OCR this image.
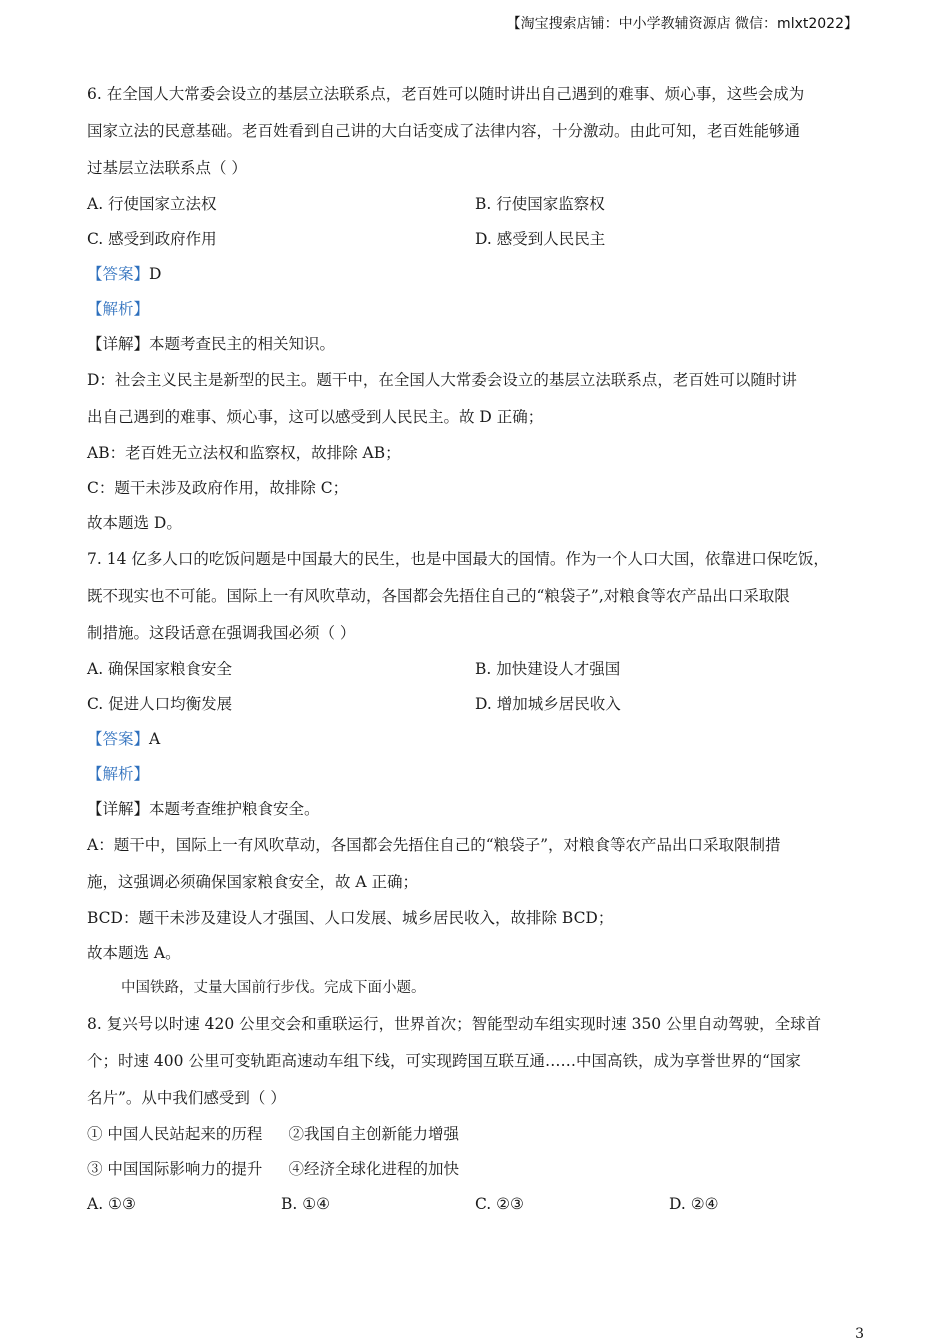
【淘宝搜索店铺：中小学教辅资源店 微信：mlxt2022】
6. 在全国人大常委会设立的基层立法联系点，老百姓可以随时讲出自己遇到的难事、烦心事，这些会成为
国家立法的民意基础。老百姓看到自己讲的大白话变成了法律内容，十分激动。由此可知，老百姓能够通
过基层立法联系点（ ）
A. 行使国家立法权	B. 行使国家监察权
C. 感受到政府作用	D. 感受到人民民主
【答案】D
【解析】
【详解】本题考查民主的相关知识。
D：社会主义民主是新型的民主。题干中，在全国人大常委会设立的基层立法联系点，老百姓可以随时讲
出自己遇到的难事、烦心事，这可以感受到人民民主。故 D 正确；
AB：老百姓无立法权和监察权，故排除 AB；
C：题干未涉及政府作用，故排除 C；
故本题选 D。
7. 14 亿多人口的吃饭问题是中国最大的民生，也是中国最大的国情。作为一个人口大国，依靠进口保吃饭，
既不现实也不可能。国际上一有风吹草动，各国都会先捂住自己的“粮袋子”,对粮食等农产品出口采取限
制措施。这段话意在强调我国必须（ ）
A. 确保国家粮食安全	B. 加快建设人才强国
C. 促进人口均衡发展	D. 增加城乡居民收入
【答案】A
【解析】
【详解】本题考查维护粮食安全。
A：题干中，国际上一有风吹草动，各国都会先捂住自己的“粮袋子”，对粮食等农产品出口采取限制措
施，这强调必须确保国家粮食安全，故 A 正确；
BCD：题干未涉及建设人才强国、人口发展、城乡居民收入，故排除 BCD；
故本题选 A。
中国铁路，丈量大国前行步伐。完成下面小题。
8. 复兴号以时速 420 公里交会和重联运行，世界首次；智能型动车组实现时速 350 公里自动驾驶，全球首
个；时速 400 公里可变轨距高速动车组下线，可实现跨国互联互通……中国高铁，成为享誉世界的“国家
名片”。从中我们感受到（ ）
① 中国人民站起来的历程 ②我国自主创新能力增强
③ 中国国际影响力的提升 ④经济全球化进程的加快
A. ①③	B. ①④	C. ②③	D. ②④
3
